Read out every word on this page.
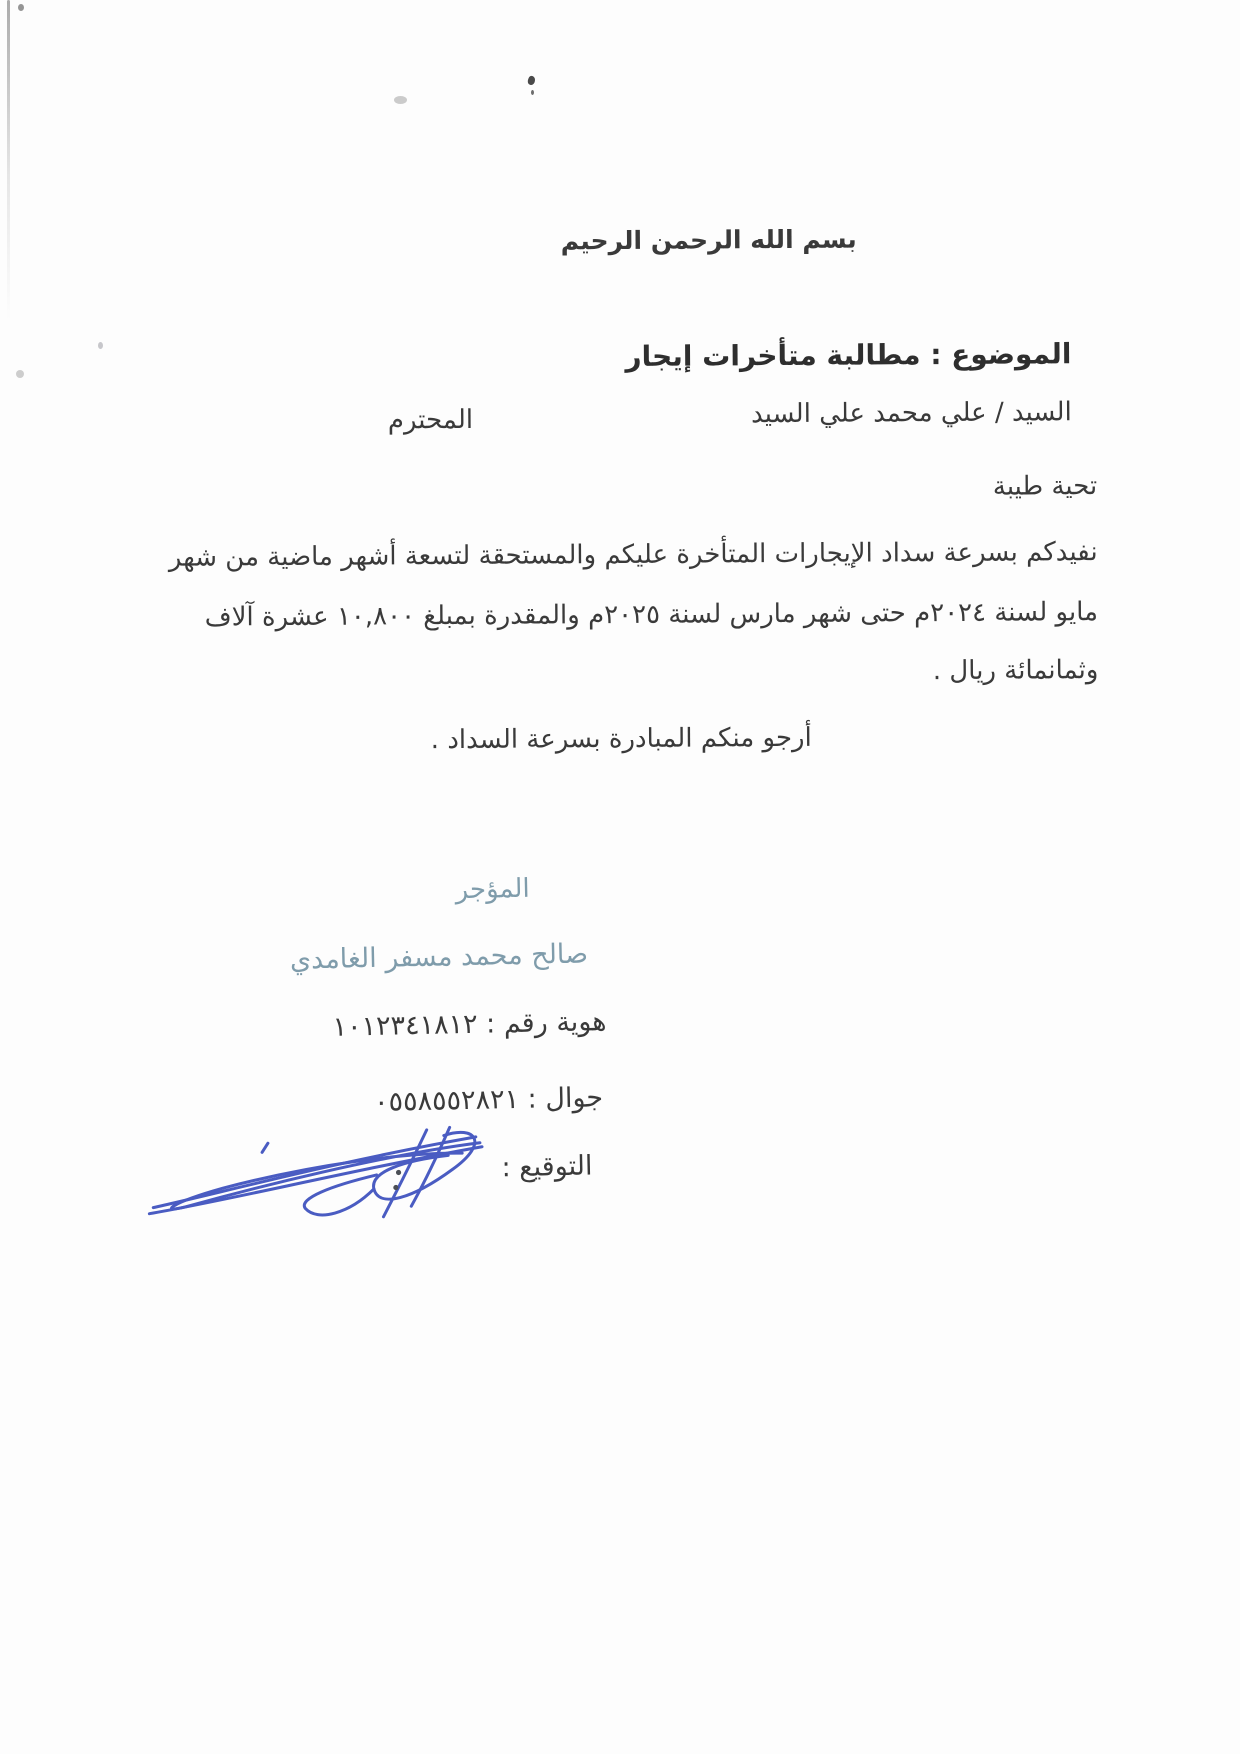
بسم الله الرحمن الرحيم
الموضوع : مطالبة متأخرات إيجار
السيد / علي محمد علي السيد
المحترم
تحية طيبة
نفيدكم بسرعة سداد الإيجارات المتأخرة عليكم والمستحقة لتسعة أشهر ماضية من شهر
مايو لسنة ٢٠٢٤م حتى شهر مارس لسنة ٢٠٢٥م والمقدرة بمبلغ ١٠,٨٠٠ عشرة آلاف
وثمانمائة ريال .
أرجو منكم المبادرة بسرعة السداد .
المؤجر
صالح محمد مسفر الغامدي
هوية رقم : ١٠١٢٣٤١٨١٢
جوال : ٠٥٥٨٥٥٢٨٢١
التوقيع :
